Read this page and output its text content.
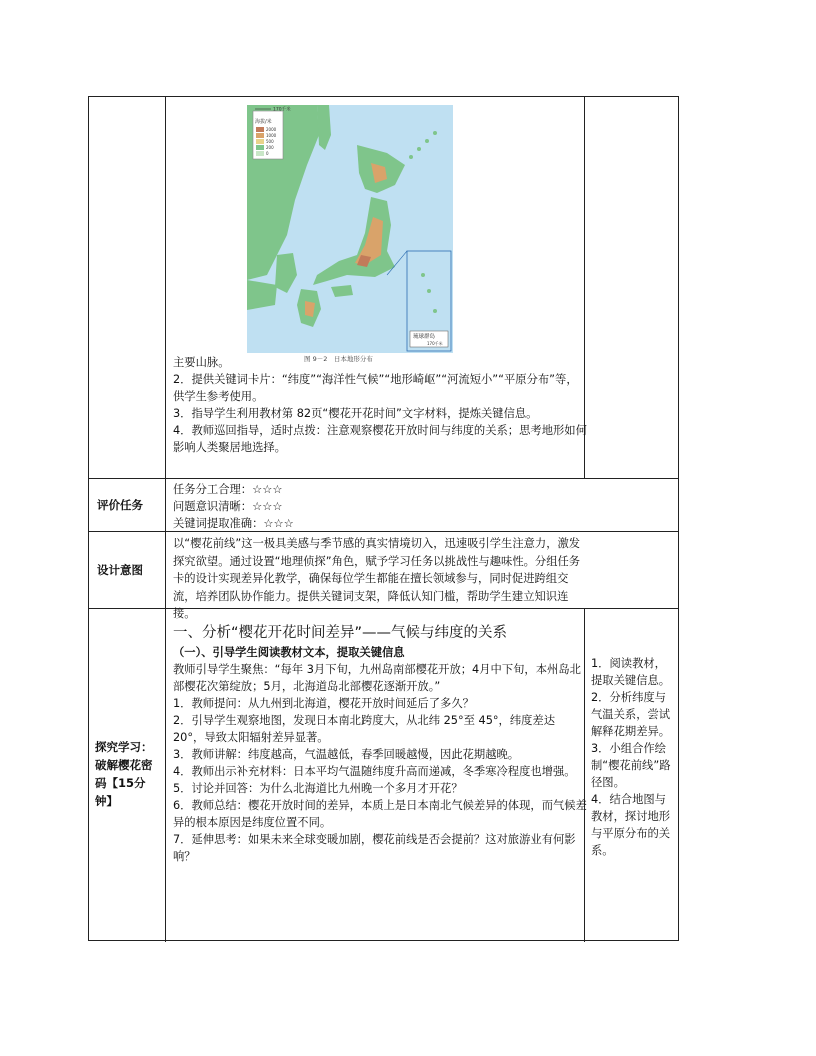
海拔/米
2000
1000
500
200
0
170千米
琉球群岛
170千米
图 9－2　日本地形分布

主要山脉。

2．提供关键词卡片：“纬度”“海洋性气候”“地形崎岖”“河流短小”“平原分布”等，供学生参考使用。

3．指导学生利用教材第 82页“樱花开花时间”文字材料，提炼关键信息。

4．教师巡回指导，适时点拨：注意观察樱花开放时间与纬度的关系；思考地形如何影响人类聚居地选择。

评价任务

任务分工合理：☆☆☆

问题意识清晰：☆☆☆

关键词提取准确：☆☆☆

设计意图

以“樱花前线”这一极具美感与季节感的真实情境切入，迅速吸引学生注意力，激发探究欲望。通过设置“地理侦探”角色，赋予学习任务以挑战性与趣味性。分组任务卡的设计实现差异化教学，确保每位学生都能在擅长领域参与，同时促进跨组交流，培养团队协作能力。提供关键词支架，降低认知门槛，帮助学生建立知识连接。

探究学习：破解樱花密码【15分钟】

一、分析“樱花开花时间差异”——气候与纬度的关系

（一）、引导学生阅读教材文本，提取关键信息

教师引导学生聚焦：“每年 3月下旬，九州岛南部樱花开放；4月中下旬，本州岛北部樱花次第绽放；5月，北海道岛北部樱花逐渐开放。”

1．教师提问：从九州到北海道，樱花开放时间延后了多久？

2．引导学生观察地图，发现日本南北跨度大，从北纬 25°至 45°，纬度差达 20°，导致太阳辐射差异显著。

3．教师讲解：纬度越高，气温越低，春季回暖越慢，因此花期越晚。

4．教师出示补充材料：日本平均气温随纬度升高而递减，冬季寒冷程度也增强。

5．讨论并回答：为什么北海道比九州晚一个多月才开花？

6．教师总结：樱花开放时间的差异，本质上是日本南北气候差异的体现，而气候差异的根本原因是纬度位置不同。

7．延伸思考：如果未来全球变暖加剧，樱花前线是否会提前？这对旅游业有何影响？

1．阅读教材，提取关键信息。

2．分析纬度与气温关系，尝试解释花期差异。

3．小组合作绘制“樱花前线”路径图。

4．结合地图与教材，探讨地形与平原分布的关系。
